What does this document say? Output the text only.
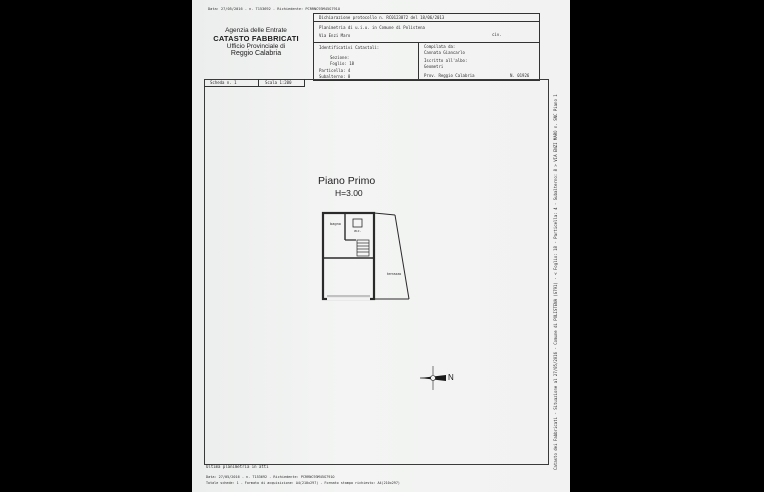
Data: 27/05/2016 - n. T153692 - Richiedente: PCRRNC93M45G791O
Agenzia delle Entrate
CATASTO FABBRICATI
Ufficio Provinciale di
Reggio Calabria
Dichiarazione protocollo n. RC0123872 del 18/06/2013
Planimetria di u.i.u. in Comune di Polistena
Via Enzi Maro	civ.
Identificativi Catastali:
Sezione:
Foglio: 18
Particella: 4
Subalterno: 8
Compilata da:
Cannata Giancarlo
Iscritto all'albo:
Geometri
Prov. Reggio Calabria	N. 01926
Scheda n. 1	Scala 1:200
Piano Primo
H=3.00
bagno
w.c.
terrazzo
N
Ultima planimetria in atti
Data: 27/05/2016 - n. T153692 - Richiedente: PCRRNC93M45G791O
Totale schede: 1 - Formato di acquisizione: A4(210x297) - Formato stampa richiesto: A4(210x297)
Catasto dei Fabbricati - Situazione al 27/05/2016 - Comune di POLISTENA (G791) - < Foglio: 18 - Particella: 4 - Subalterno: 8 > VIA ENZI MARO n. SNC Piano 1
